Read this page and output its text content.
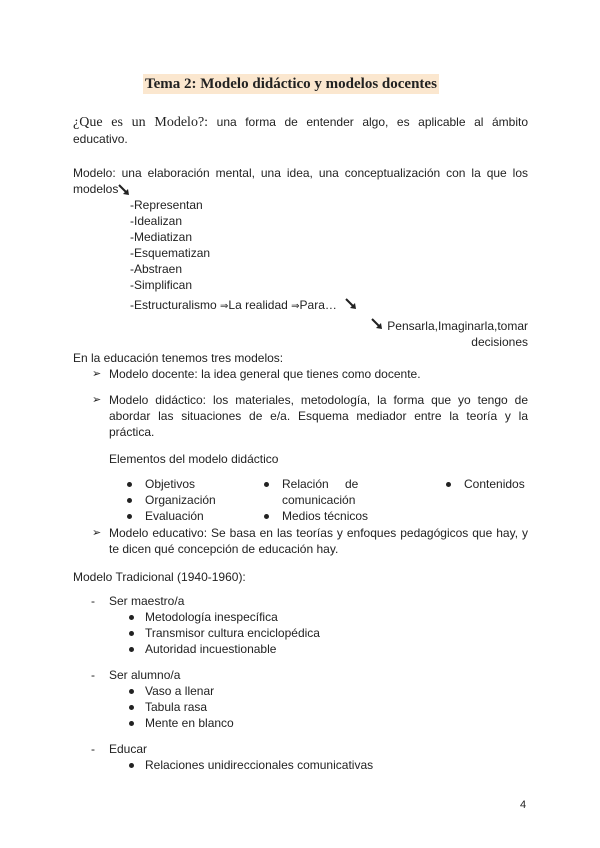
Tema 2: Modelo didáctico y modelos docentes
¿Que es un Modelo?: una forma de entender algo, es aplicable al ámbito
educativo.
Modelo: una elaboración mental, una idea, una conceptualización con la que los
modelos
-Representan
-Idealizan
-Mediatizan
-Esquematizan
-Abstraen
-Simplifican
-Estructuralismo ⇒La realidad ⇒Para…
Pensarla,Imaginarla,tomar
decisiones
En la educación tenemos tres modelos:
➢ Modelo docente: la idea general que tienes como docente.
➢ Modelo didáctico: los materiales, metodología, la forma que yo tengo de
abordar las situaciones de e/a. Esquema mediador entre la teoría y la
práctica.
Elementos del modelo didáctico
Objetivos
Organización
Evaluación
Relación de
comunicación
Medios técnicos
Contenidos
➢ Modelo educativo: Se basa en las teorías y enfoques pedagógicos que hay, y
te dicen qué concepción de educación hay.
Modelo Tradicional (1940-1960):
- Ser maestro/a
Metodología inespecífica
Transmisor cultura enciclopédica
Autoridad incuestionable
- Ser alumno/a
Vaso a llenar
Tabula rasa
Mente en blanco
- Educar
Relaciones unidireccionales comunicativas
4
